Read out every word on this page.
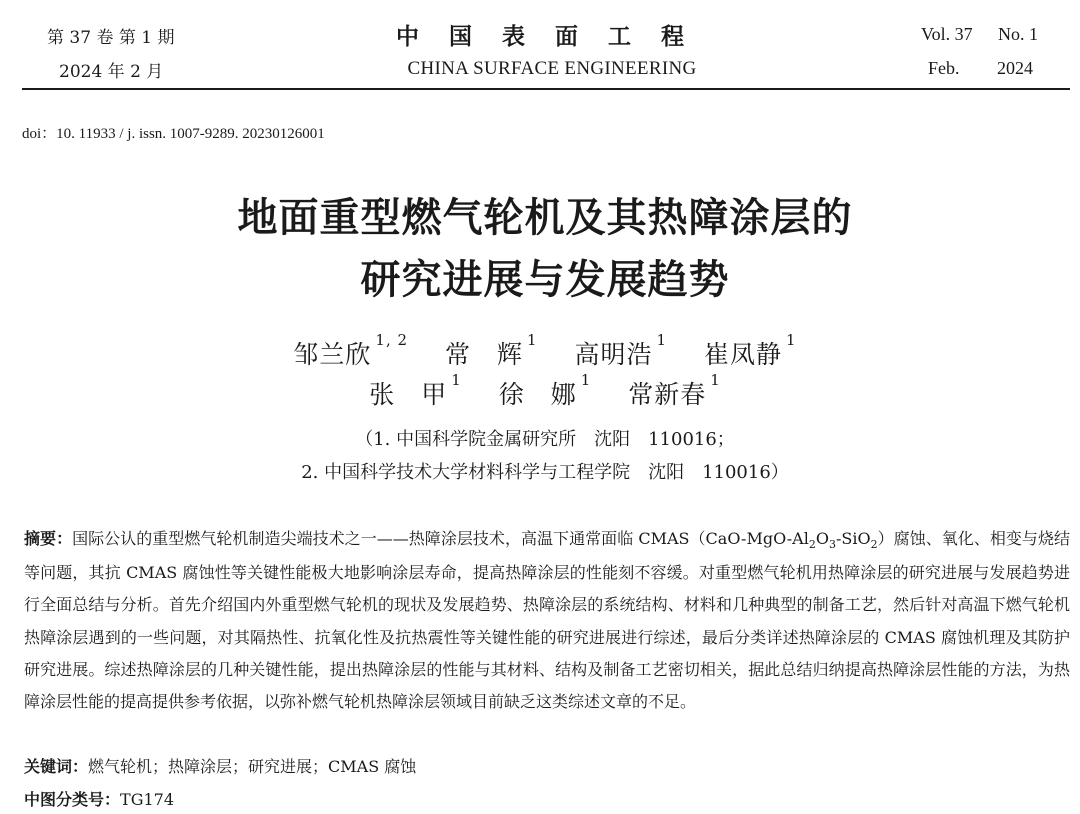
第 37 卷 第 1 期
2024 年 2 月
中国表面工程
CHINA SURFACE ENGINEERING
Vol. 37 No. 1
Feb. 2024
doi：10. 11933 / j. issn. 1007-9289. 20230126001
地面重型燃气轮机及其热障涂层的
研究进展与发展趋势
邹兰欣 $^{1, 2}$ 常　辉 $^1$ 高明浩 $^1$ 崔凤静 $^1$
张　甲 $^1$ 徐　娜 $^1$ 常新春 $^1$
（1. 中国科学院金属研究所　沈阳　110016；
2. 中国科学技术大学材料科学与工程学院　沈阳　110016）
摘要：国际公认的重型燃气轮机制造尖端技术之一——热障涂层技术，高温下通常面临 $CMAS(CaO-MgO-Al_2O_3-SiO_2)$腐蚀、氧化、相变与烧结等问题，其抗 CMAS 腐蚀性等关键性能极大地影响涂层寿命，提高热障涂层的性能刻不容缓。对重型燃气轮机用热障涂层的研究进展与发展趋势进行全面总结与分析。首先介绍国内外重型燃气轮机的现状及发展趋势、热障涂层的系统结构、材料和几种典型的制备工艺，然后针对高温下燃气轮机热障涂层遇到的一些问题，对其隔热性、抗氧化性及抗热震性等关键性能的研究进展进行综述，最后分类详述热障涂层的 CMAS 腐蚀机理及其防护研究进展。综述热障涂层的几种关键性能，提出热障涂层的性能与其材料、结构及制备工艺密切相关，据此总结归纳提高热障涂层性能的方法，为热障涂层性能的提高提供参考依据，以弥补燃气轮机热障涂层领域目前缺乏这类综述文章的不足。
关键词：燃气轮机；热障涂层；研究进展；CMAS 腐蚀
中图分类号：TG174
